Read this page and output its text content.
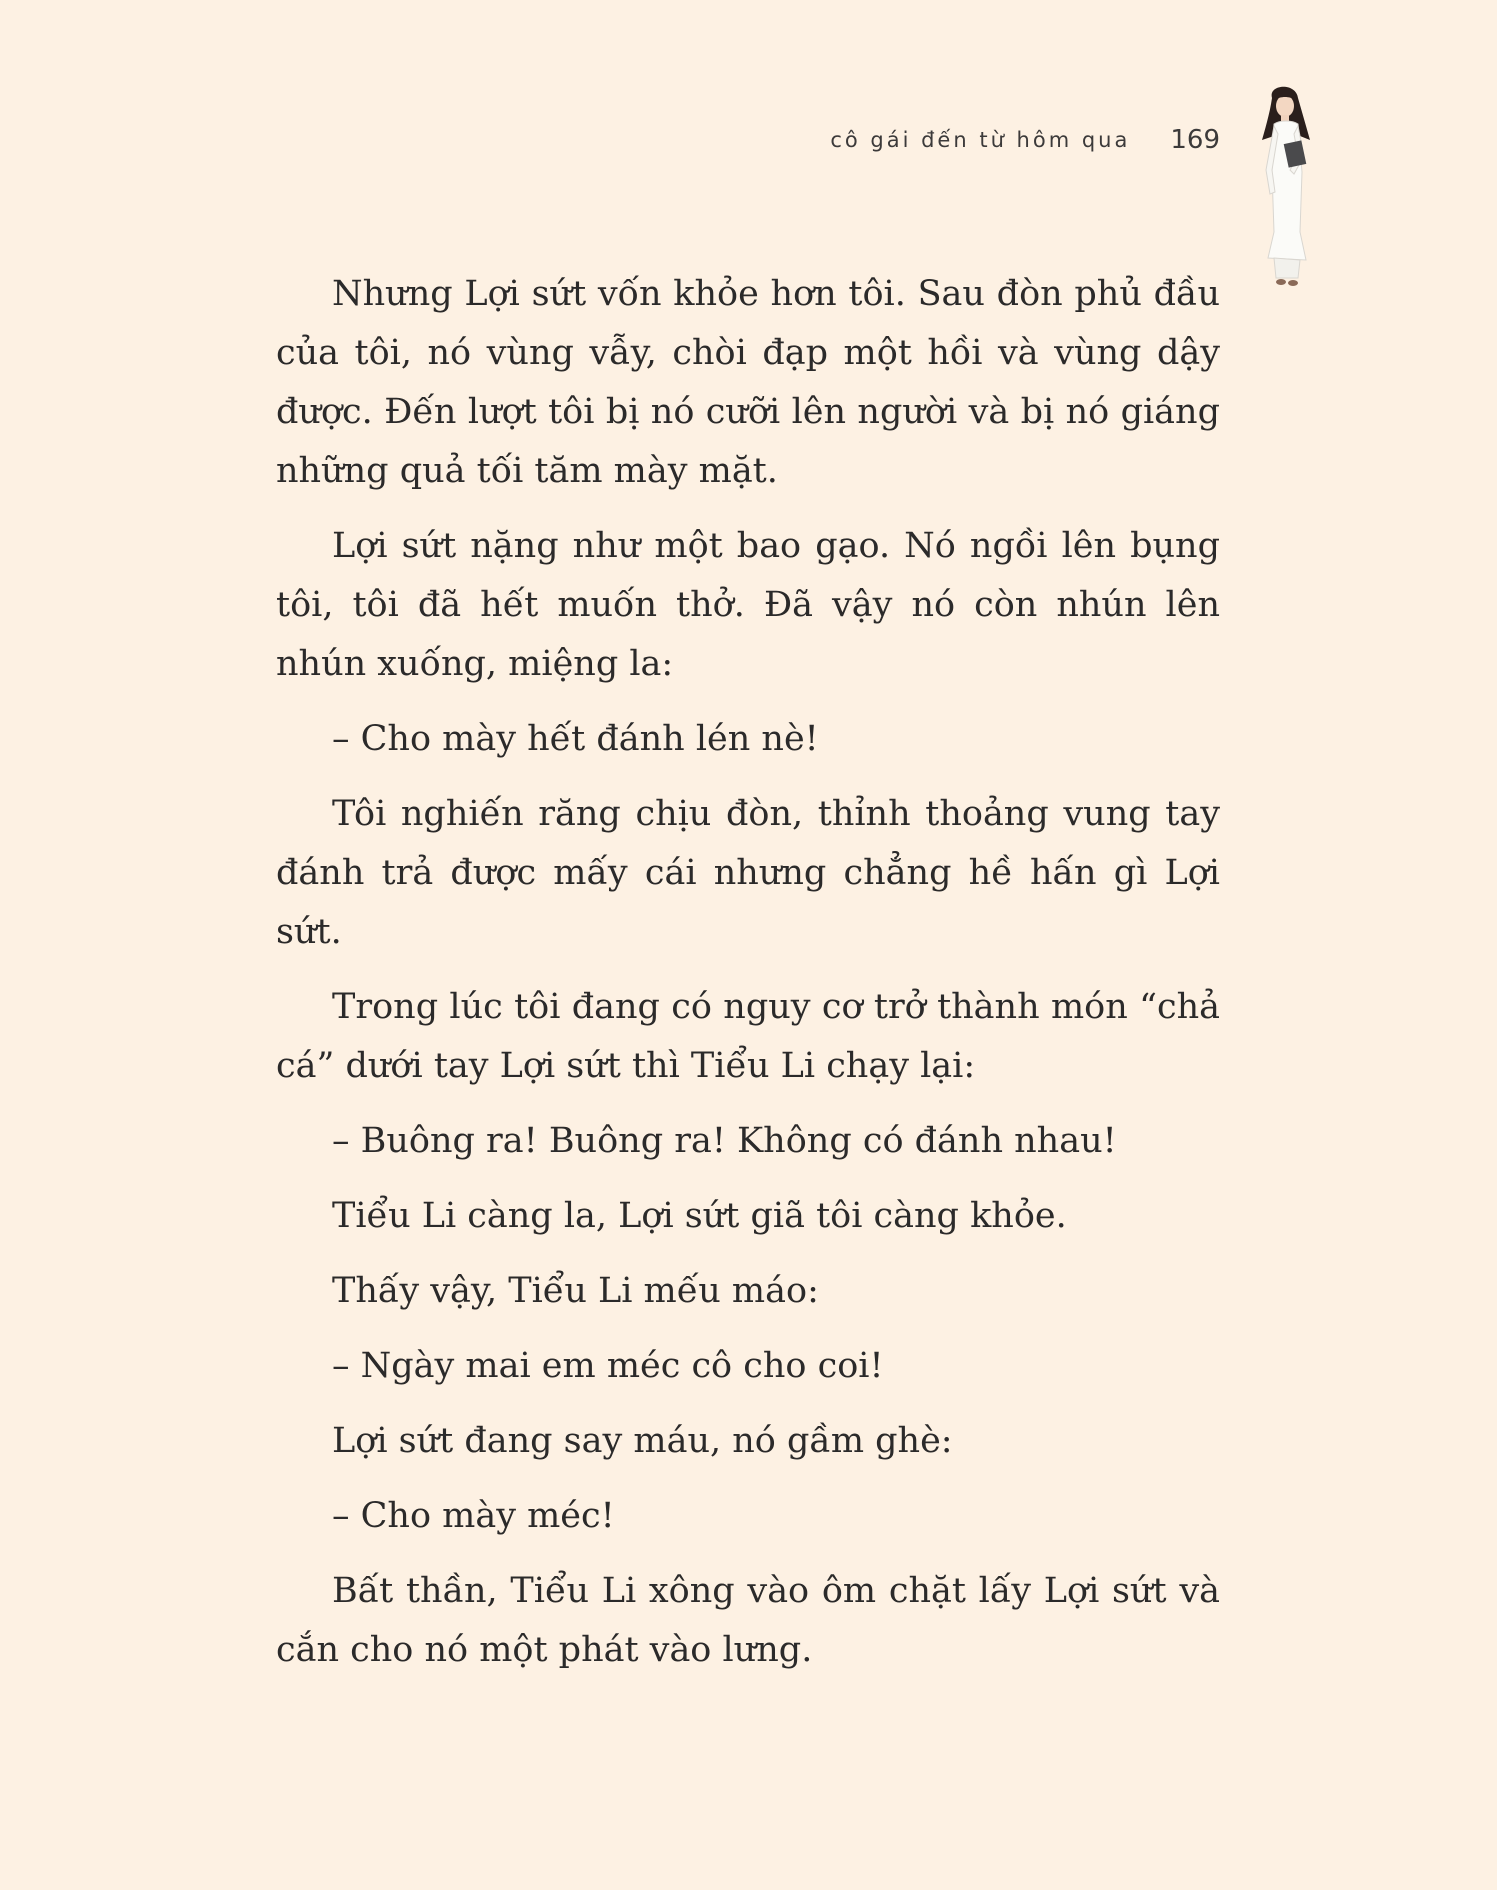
cô gái đến từ hôm qua 169

Nhưng Lợi sứt vốn khỏe hơn tôi. Sau đòn phủ đầu của tôi, nó vùng vẫy, chòi đạp một hồi và vùng dậy được. Đến lượt tôi bị nó cưỡi lên người và bị nó giáng những quả tối tăm mày mặt.

Lợi sứt nặng như một bao gạo. Nó ngồi lên bụng tôi, tôi đã hết muốn thở. Đã vậy nó còn nhún lên nhún xuống, miệng la:

– Cho mày hết đánh lén nè!

Tôi nghiến răng chịu đòn, thỉnh thoảng vung tay đánh trả được mấy cái nhưng chẳng hề hấn gì Lợi sứt.

Trong lúc tôi đang có nguy cơ trở thành món “chả cá” dưới tay Lợi sứt thì Tiểu Li chạy lại:

– Buông ra! Buông ra! Không có đánh nhau!

Tiểu Li càng la, Lợi sứt giã tôi càng khỏe.

Thấy vậy, Tiểu Li mếu máo:

– Ngày mai em méc cô cho coi!

Lợi sứt đang say máu, nó gầm ghè:

– Cho mày méc!

Bất thần, Tiểu Li xông vào ôm chặt lấy Lợi sứt và cắn cho nó một phát vào lưng.
